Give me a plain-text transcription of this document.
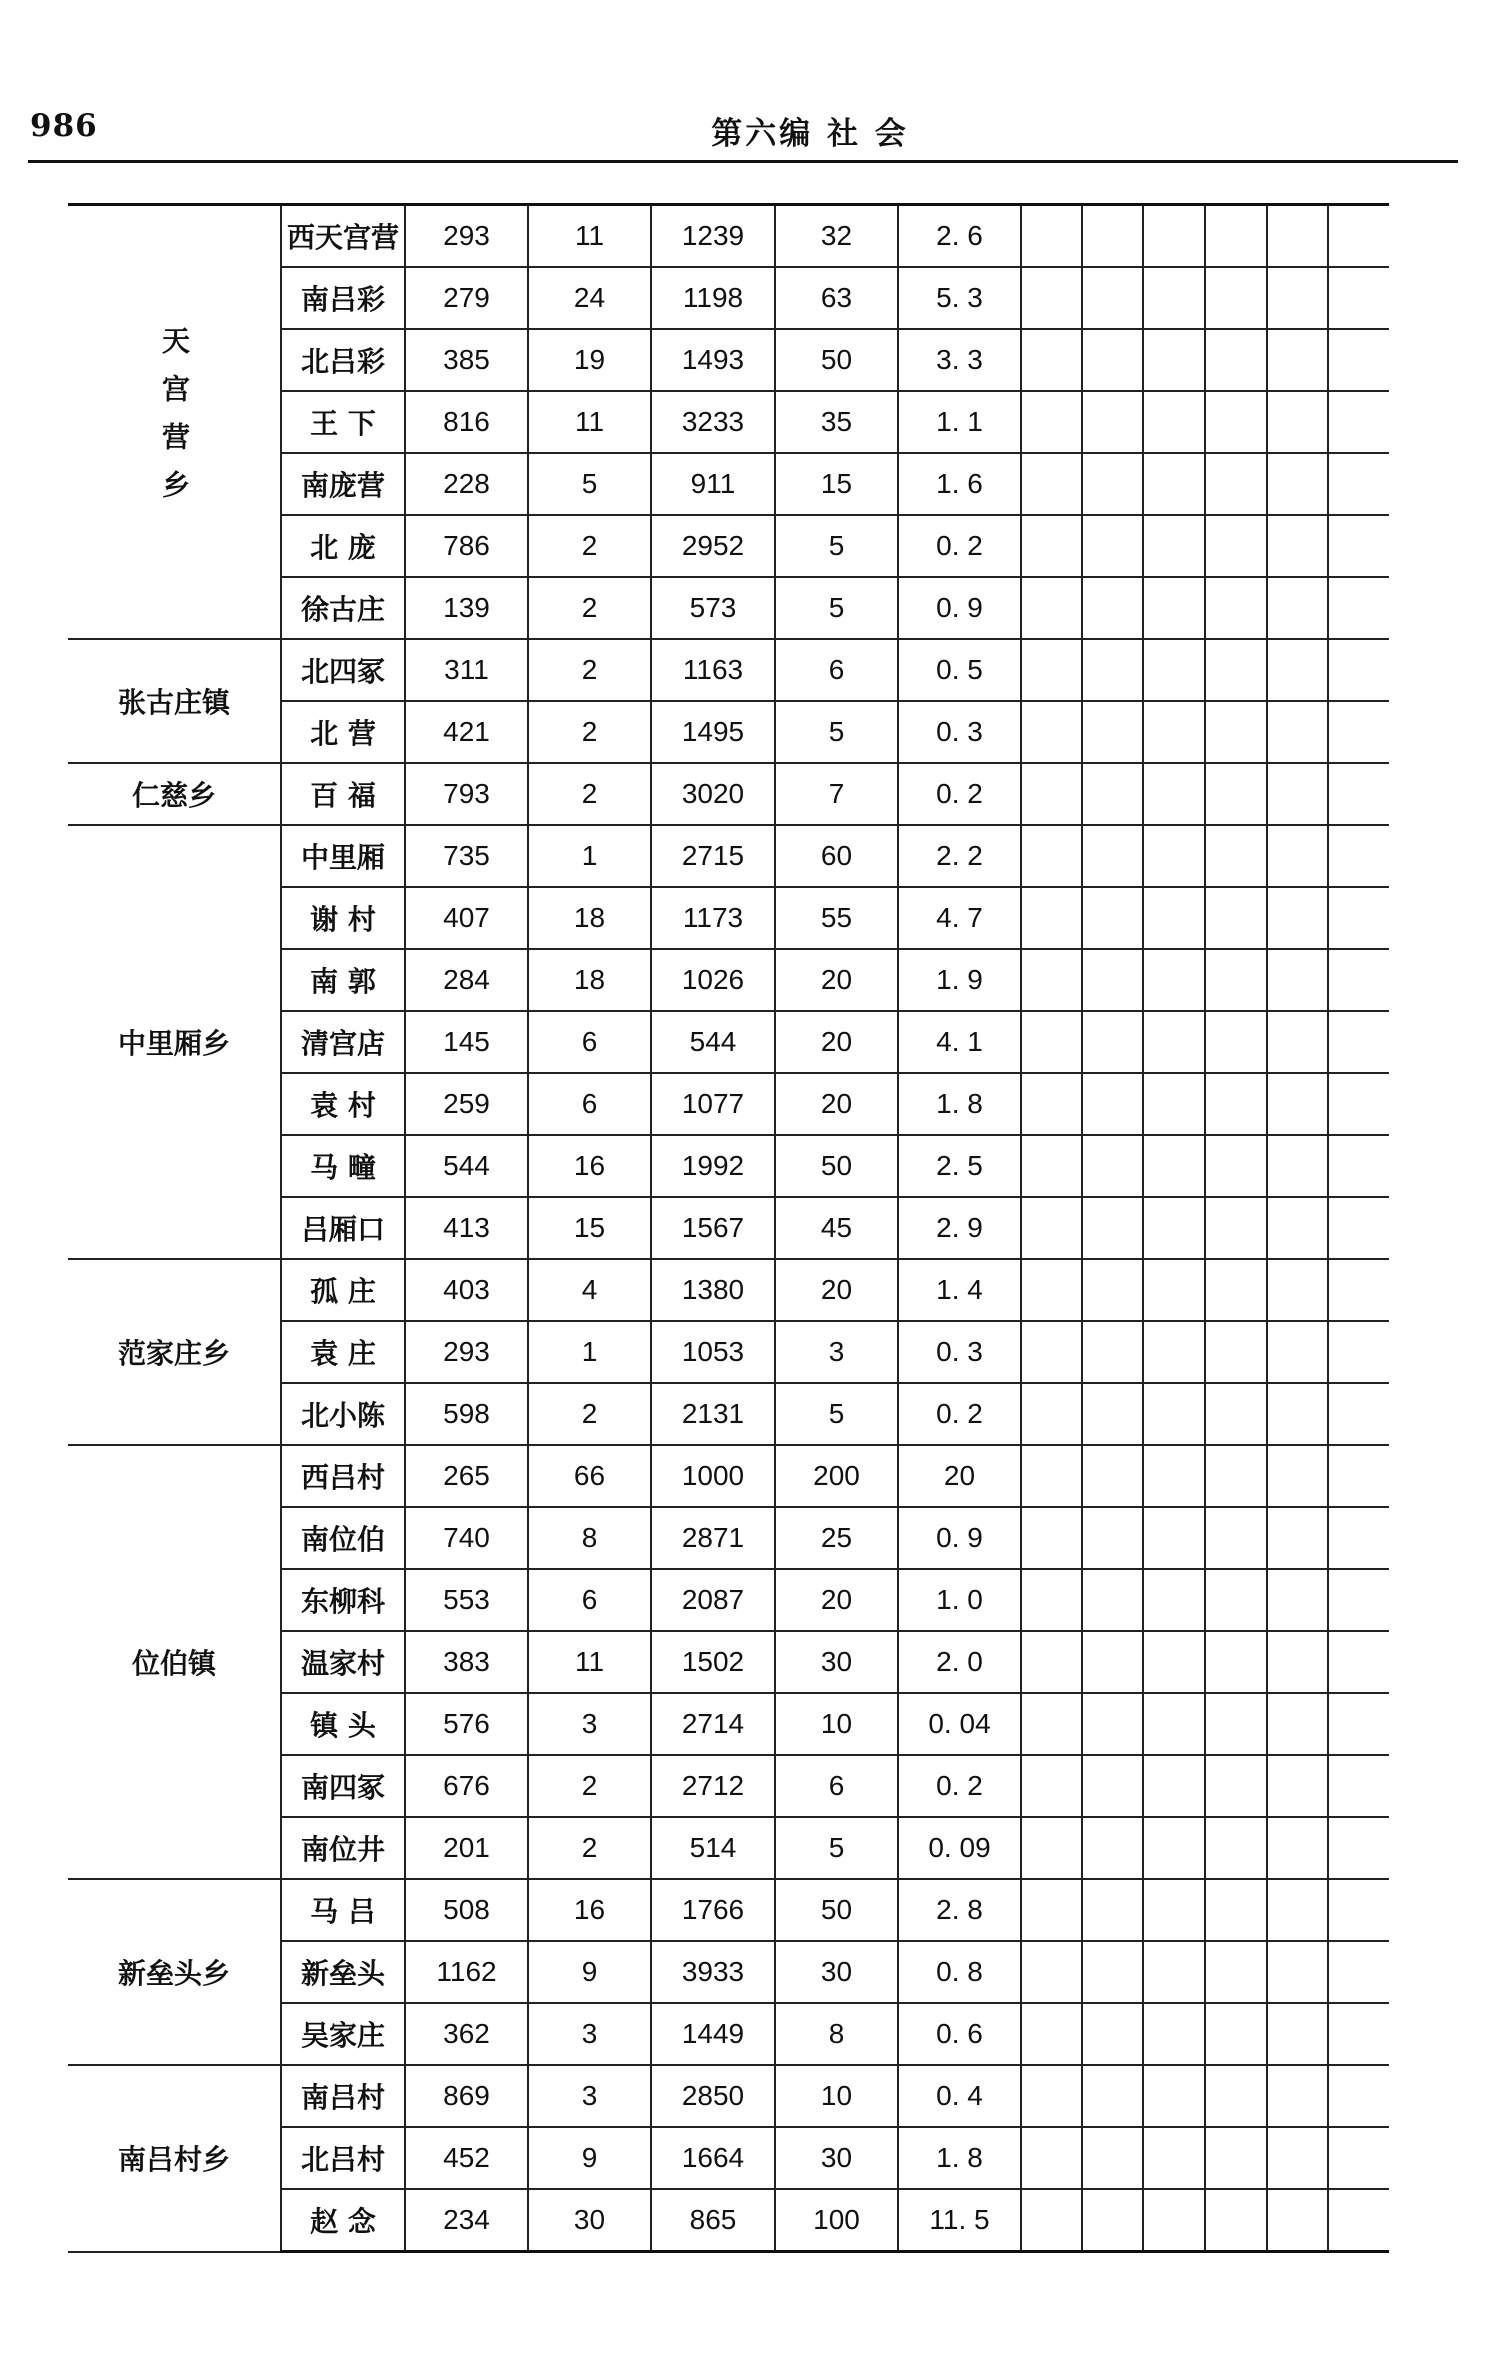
986	第六编 社 会
天宫营乡	西天宫营	293	11	1239	32	2. 6						
	南吕彩	279	24	1198	63	5. 3						
	北吕彩	385	19	1493	50	3. 3						
	王 下	816	11	3233	35	1. 1						
	南庞营	228	5	911	15	1. 6						
	北 庞	786	2	2952	5	0. 2						
	徐古庄	139	2	573	5	0. 9						
张古庄镇	北四冢	311	2	1163	6	0. 5						
	北 营	421	2	1495	5	0. 3						
仁慈乡	百 福	793	2	3020	7	0. 2						
中里厢乡	中里厢	735	1	2715	60	2. 2						
	谢 村	407	18	1173	55	4. 7						
	南 郭	284	18	1026	20	1. 9						
	清宫店	145	6	544	20	4. 1						
	袁 村	259	6	1077	20	1. 8						
	马 疃	544	16	1992	50	2. 5						
	吕厢口	413	15	1567	45	2. 9						
范家庄乡	孤 庄	403	4	1380	20	1. 4						
	袁 庄	293	1	1053	3	0. 3						
	北小陈	598	2	2131	5	0. 2						
位伯镇	西吕村	265	66	1000	200	20						
	南位伯	740	8	2871	25	0. 9						
	东柳科	553	6	2087	20	1. 0						
	温家村	383	11	1502	30	2. 0						
	镇 头	576	3	2714	10	0. 04						
	南四冢	676	2	2712	6	0. 2						
	南位井	201	2	514	5	0. 09						
新垒头乡	马 吕	508	16	1766	50	2. 8						
	新垒头	1162	9	3933	30	0. 8						
	吴家庄	362	3	1449	8	0. 6						
南吕村乡	南吕村	869	3	2850	10	0. 4						
	北吕村	452	9	1664	30	1. 8						
	赵 念	234	30	865	100	11. 5						
